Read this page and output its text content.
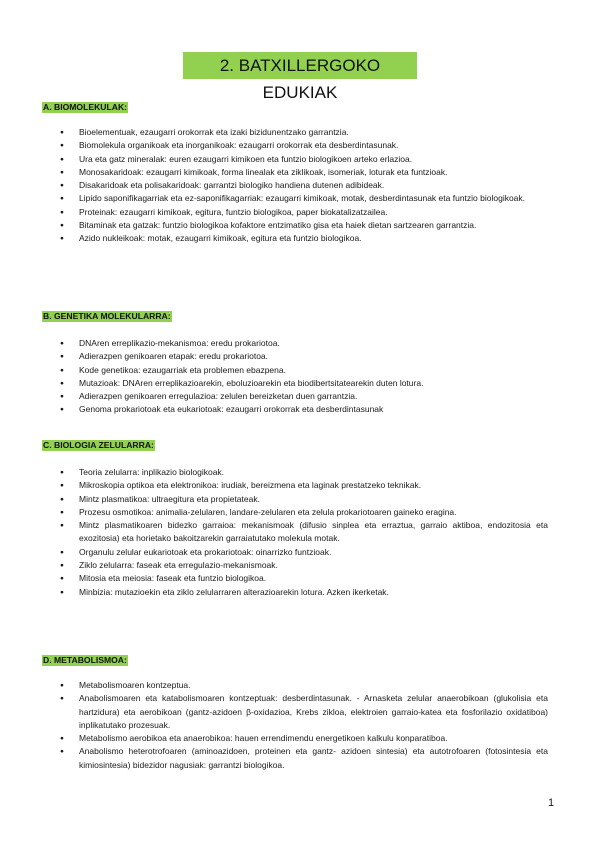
2. BATXILLERGOKO EDUKIAK
A. BIOMOLEKULAK:
● Bioelementuak, ezaugarri orokorrak eta izaki bizidunentzako garrantzia.
● Biomolekula organikoak eta inorganikoak: ezaugarri orokorrak eta desberdintasunak.
● Ura eta gatz mineralak: euren ezaugarri kimikoen eta funtzio biologikoen arteko erlazioa.
● Monosakaridoak: ezaugarri kimikoak, forma linealak eta ziklikoak, isomeriak, loturak eta funtzioak.
● Disakaridoak eta polisakaridoak: garrantzi biologiko handiena dutenen adibideak.
● Lipido saponifikagarriak eta ez-saponifikagarriak: ezaugarri kimikoak, motak, desberdintasunak eta funtzio biologikoak.
● Proteinak: ezaugarri kimikoak, egitura, funtzio biologikoa, paper biokatalizatzailea.
● Bitaminak eta gatzak: funtzio biologikoa kofaktore entzimatiko gisa eta haiek dietan sartzearen garrantzia.
● Azido nukleikoak: motak, ezaugarri kimikoak, egitura eta funtzio biologikoa.
B. GENETIKA MOLEKULARRA:
● DNAren erreplikazio-mekanismoa: eredu prokariotoa.
● Adierazpen genikoaren etapak: eredu prokariotoa.
● Kode genetikoa: ezaugarriak eta problemen ebazpena.
● Mutazioak: DNAren erreplikazioarekin, eboluzioarekin eta biodibertsitatearekin duten lotura.
● Adierazpen genikoaren erregulazioa: zelulen bereizketan duen garrantzia.
● Genoma prokariotoak eta eukariotoak: ezaugarri orokorrak eta desberdintasunak
C. BIOLOGIA ZELULARRA:
● Teoria zelularra: inplikazio biologikoak.
● Mikroskopia optikoa eta elektronikoa: irudiak, bereizmena eta laginak prestatzeko teknikak.
● Mintz plasmatikoa: ultraegitura eta propietateak.
● Prozesu osmotikoa: animalia-zelularen, landare-zelularen eta zelula prokariotoaren gaineko eragina.
● Mintz plasmatikoaren bidezko garraioa: mekanismoak (difusio sinplea eta erraztua, garraio aktiboa, endozitosia eta exozitosia) eta horietako bakoitzarekin garraiatutako molekula motak.
● Organulu zelular eukariotoak eta prokariotoak: oinarrizko funtzioak.
● Ziklo zelularra: faseak eta erregulazio-mekanismoak.
● Mitosia eta meiosia: faseak eta funtzio biologikoa.
● Minbizia: mutazioekin eta ziklo zelularraren alterazioarekin lotura. Azken ikerketak.
D. METABOLISMOA:
● Metabolismoaren kontzeptua.
● Anabolismoaren eta katabolismoaren kontzeptuak: desberdintasunak. - Arnasketa zelular anaerobikoan (glukolisia eta hartzidura) eta aerobikoan (gantz-azidoen β-oxidazioa, Krebs zikloa, elektroien garraio-katea eta fosforilazio oxidatiboa) inplikatutako prozesuak.
● Metabolismo aerobikoa eta anaerobikoa: hauen errendimendu energetikoen kalkulu konparatiboa.
● Anabolismo heterotrofoaren (aminoazidoen, proteinen eta gantz- azidoen sintesia) eta autotrofoaren (fotosintesia eta kimiosintesia) bidezidor nagusiak: garrantzi biologikoa.
1
